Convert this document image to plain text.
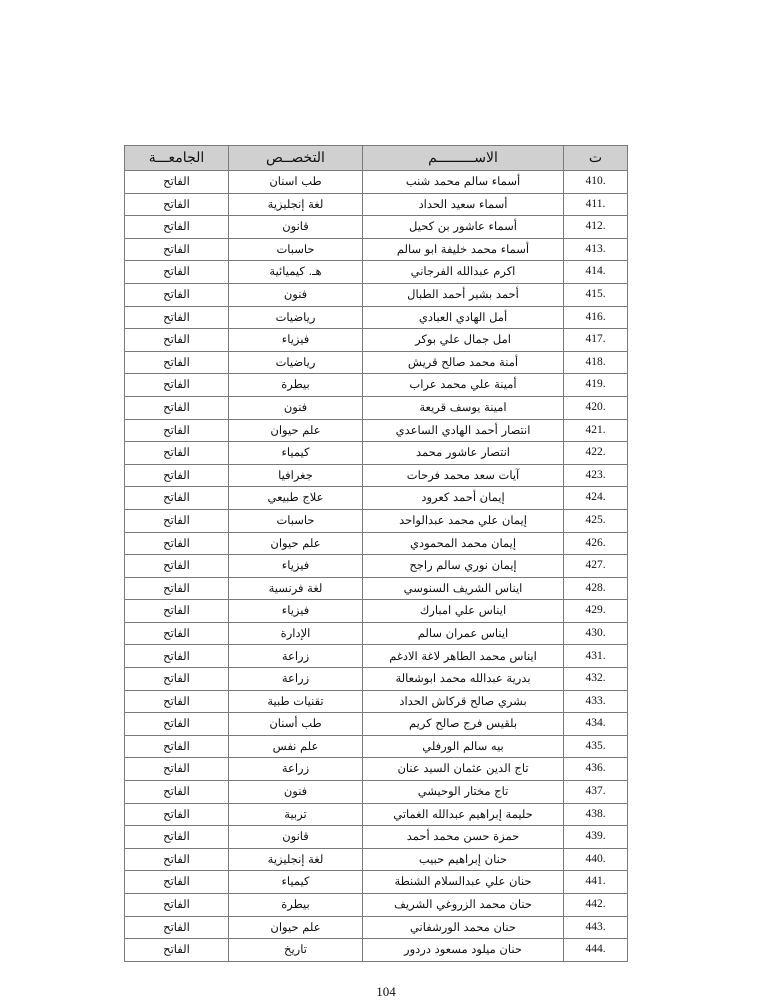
ت	الاســـــــــم	التخصــص	الجامعـــة
410.	أسماء سالم محمد شنب	طب اسنان	الفاتح
411.	أسماء سعيد الحداد	لغة إنجليزية	الفاتح
412.	أسماء عاشور بن كحيل	قانون	الفاتح
413.	أسماء محمد خليفة ابو سالم	حاسبات	الفاتح
414.	اكرم عبدالله الفرجاني	هـ. كيميائية	الفاتح
415.	أحمد بشير أحمد الطبال	فنون	الفاتح
416.	أمل الهادي العبادي	رياضيات	الفاتح
417.	امل جمال علي بوكر	فيزياء	الفاتح
418.	أمنة محمد صالح قريش	رياضيات	الفاتح
419.	أمينة علي محمد عراب	بيطرة	الفاتح
420.	امينة يوسف قريعة	فنون	الفاتح
421.	انتصار أحمد الهادي الساعدي	علم حيوان	الفاتح
422.	انتصار عاشور محمد	كيمياء	الفاتح
423.	آيات سعد محمد فرحات	جغرافيا	الفاتح
424.	إيمان أحمد كعرود	علاج طبيعي	الفاتح
425.	إيمان علي محمد عبدالواحد	حاسبات	الفاتح
426.	إيمان محمد المحمودي	علم حيوان	الفاتح
427.	إيمان نوري سالم راجح	فيزياء	الفاتح
428.	ايناس الشريف السنوسي	لغة فرنسية	الفاتح
429.	ايناس علي امبارك	فيزياء	الفاتح
430.	ايناس عمران سالم	الإدارة	الفاتح
431.	ايناس محمد الطاهر لاغة الادغم	زراعة	الفاتح
432.	بدرية عبدالله محمد ابوشعالة	زراعة	الفاتح
433.	بشري صالح قركاش الحداد	تقنيات طبية	الفاتح
434.	بلقيس فرج صالح كريم	طب أسنان	الفاتح
435.	بيه سالم الورفلي	علم نفس	الفاتح
436.	تاج الدين عثمان السيد عنان	زراعة	الفاتح
437.	تاج مختار الوحيشي	فنون	الفاتح
438.	حليمة إبراهيم عبدالله الغماتي	تربية	الفاتح
439.	حمزة حسن محمد أحمد	قانون	الفاتح
440.	حنان إبراهيم حبيب	لغة إنجليزية	الفاتح
441.	حنان علي عبدالسلام الشنطة	كيمياء	الفاتح
442.	حنان محمد الزروغي الشريف	بيطرة	الفاتح
443.	حنان محمد الورشفاني	علم حيوان	الفاتح
444.	حنان ميلود مسعود دردور	تاريخ	الفاتح
104
